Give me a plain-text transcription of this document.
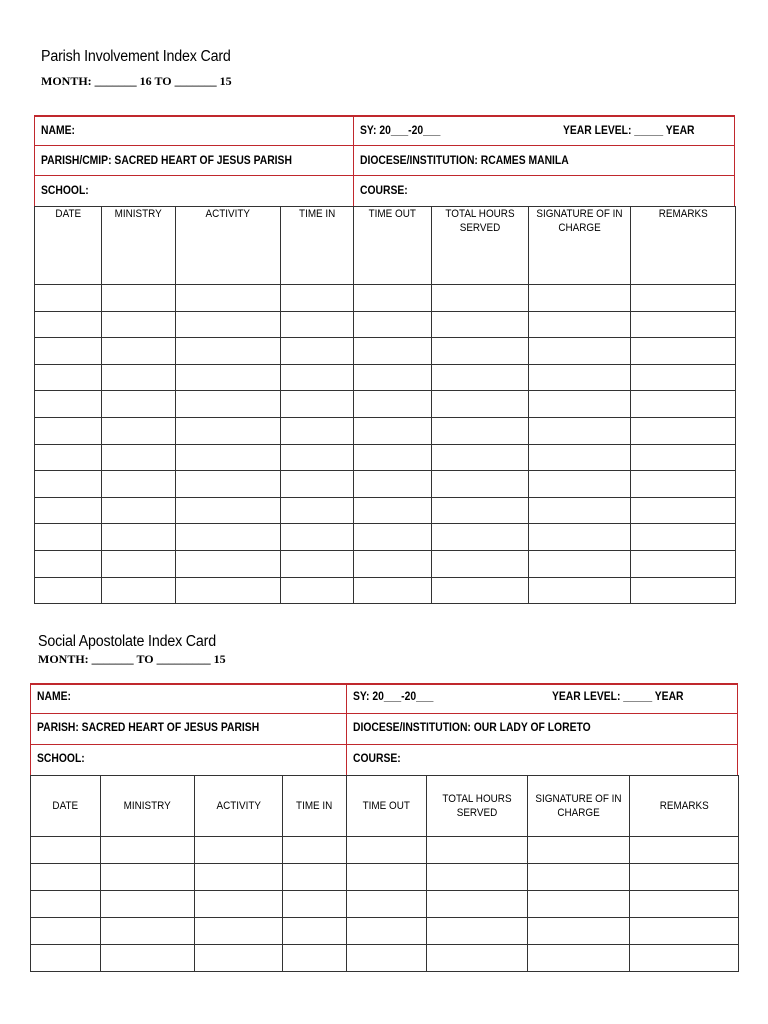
Parish Involvement Index Card
MONTH: _______ 16 TO _______ 15
NAME:	SY: 20___-20___	YEAR LEVEL: _____ YEAR
PARISH/CMIP: SACRED HEART OF JESUS PARISH	DIOCESE/INSTITUTION: RCAMES MANILA
SCHOOL:	COURSE:
DATE	MINISTRY	ACTIVITY	TIME IN	TIME OUT	TOTAL HOURS SERVED	SIGNATURE OF IN CHARGE	REMARKS

Social Apostolate Index Card
MONTH: _______ TO _________ 15
NAME:	SY: 20___-20___	YEAR LEVEL: _____ YEAR
PARISH: SACRED HEART OF JESUS PARISH	DIOCESE/INSTITUTION: OUR LADY OF LORETO
SCHOOL:	COURSE:
DATE	MINISTRY	ACTIVITY	TIME IN	TIME OUT	TOTAL HOURS SERVED	SIGNATURE OF IN CHARGE	REMARKS
